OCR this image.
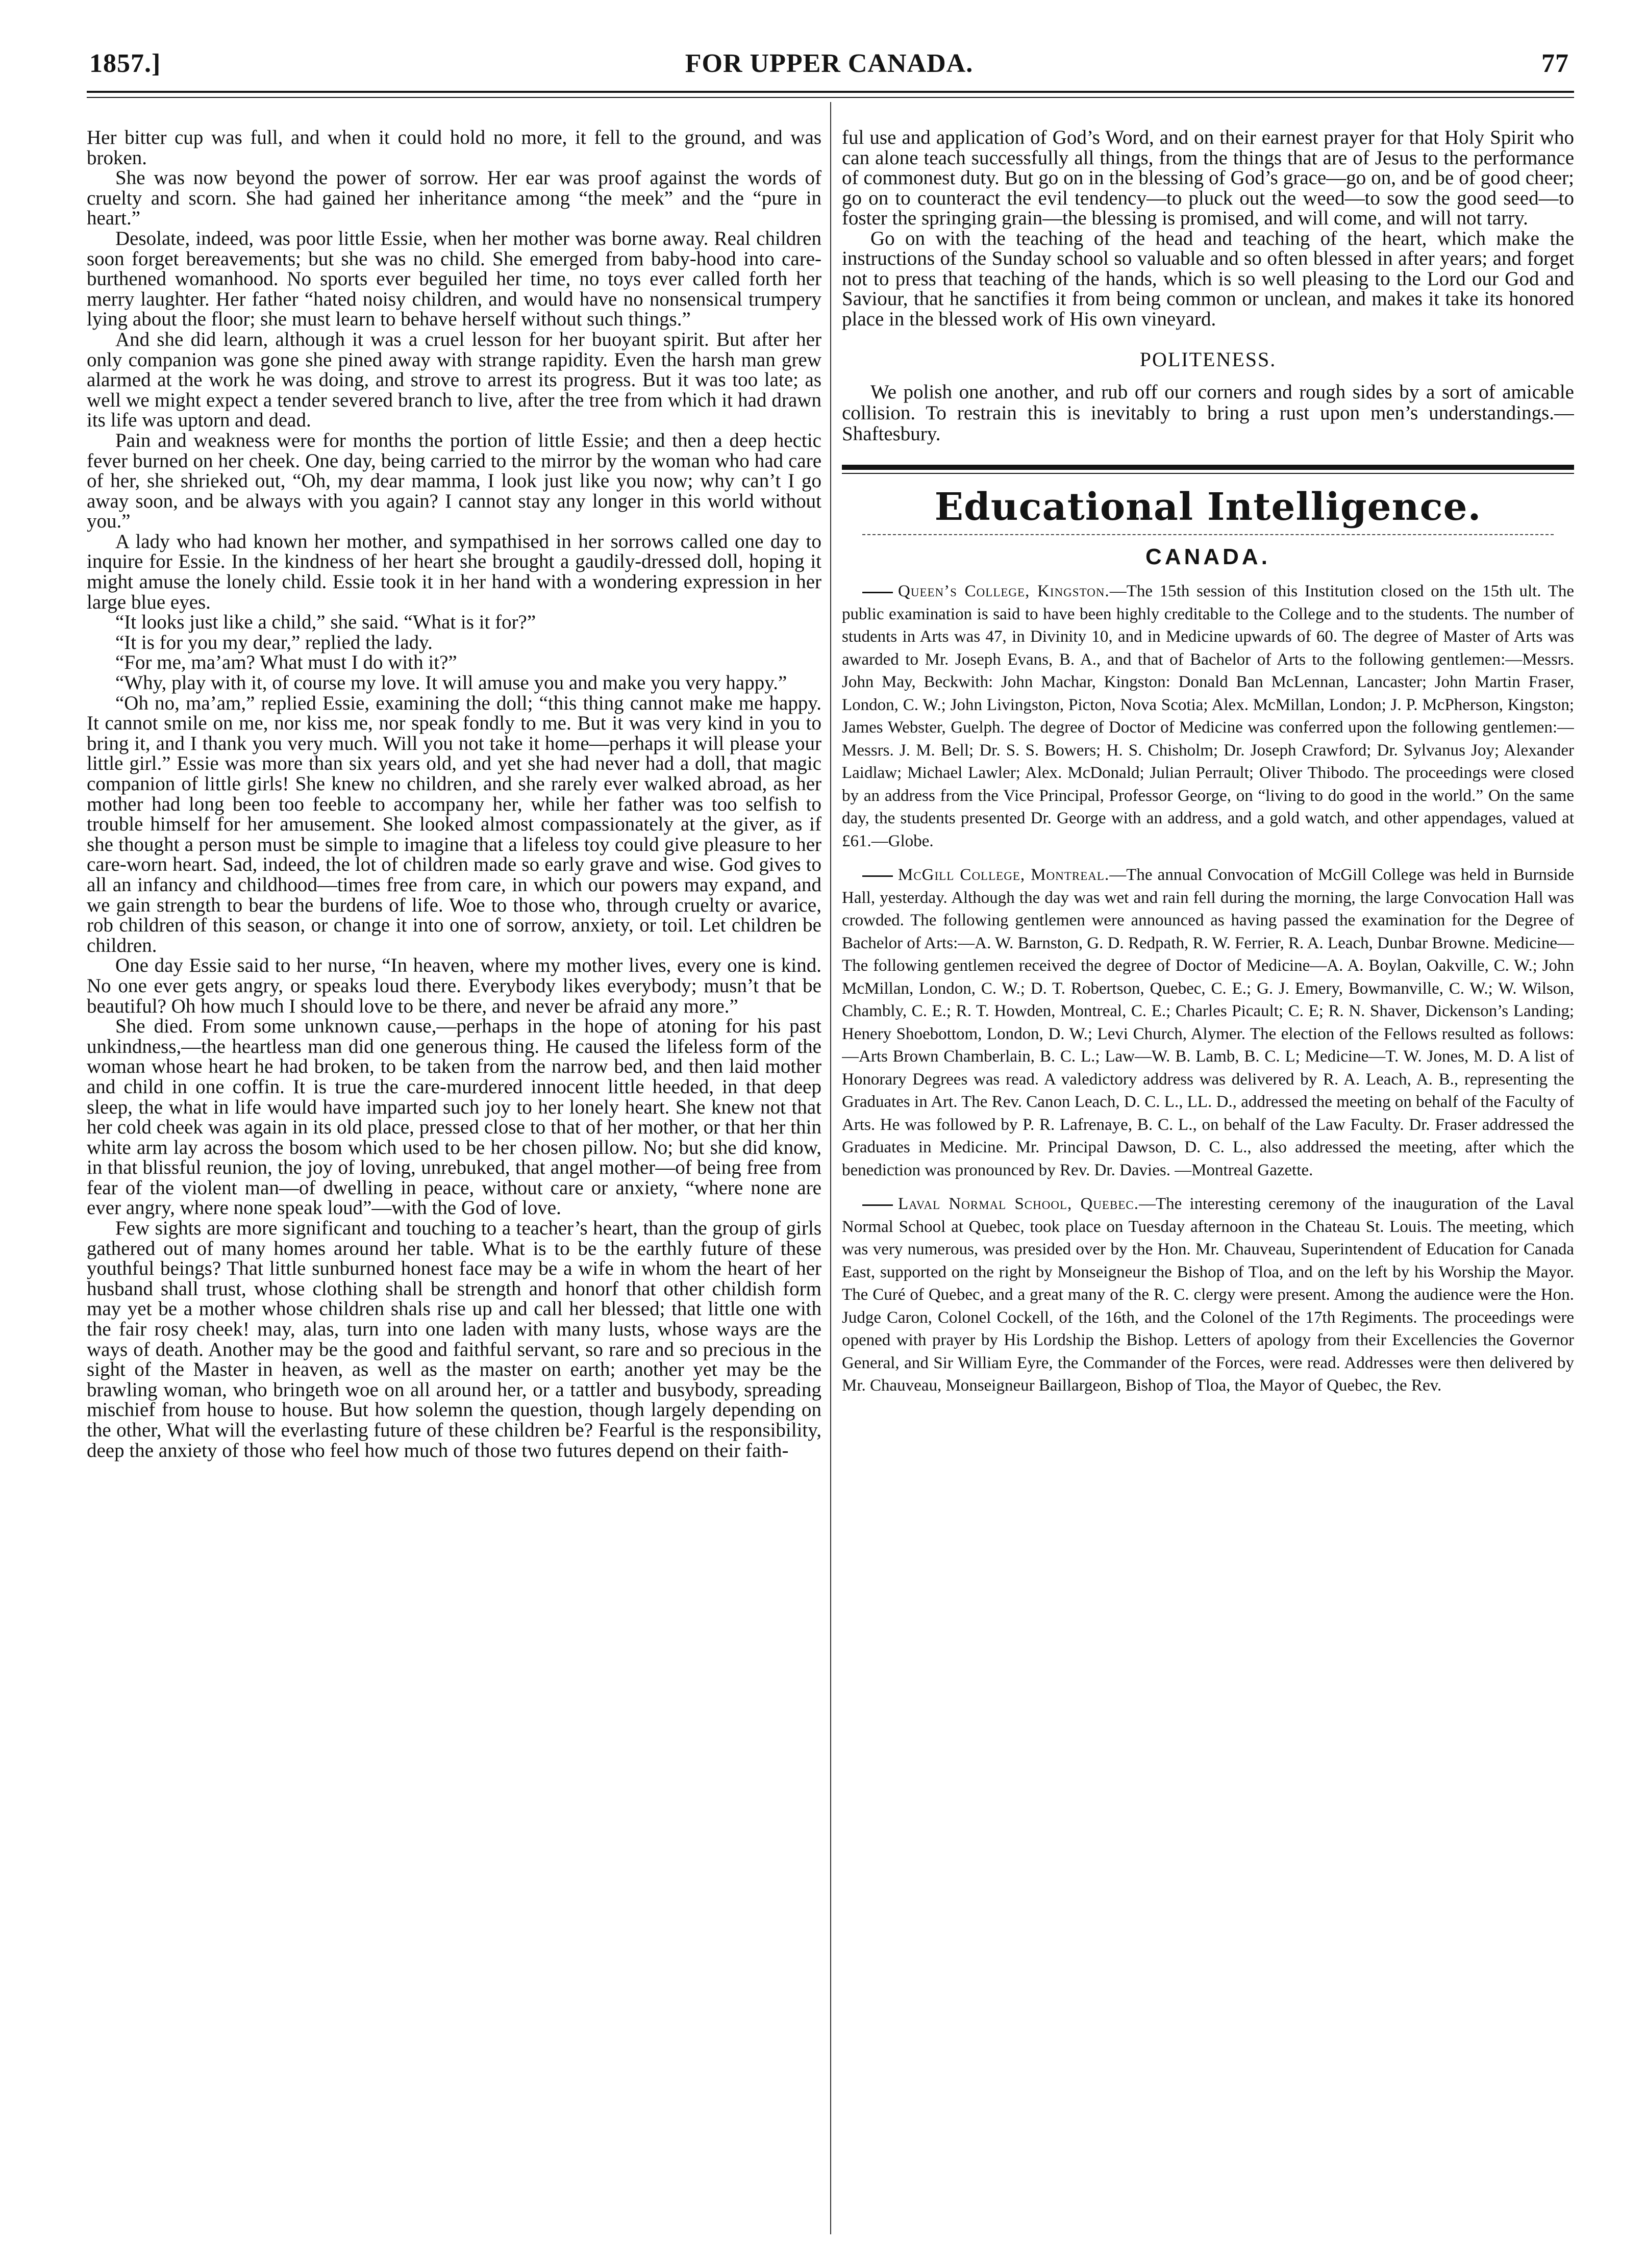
1857.]	FOR UPPER CANADA.	77

Her bitter cup was full, and when it could hold no more, it fell to the ground, and was broken.

She was now beyond the power of sorrow. Her ear was proof against the words of cruelty and scorn. She had gained her inheritance among “the meek” and the “pure in heart.”

Desolate, indeed, was poor little Essie, when her mother was borne away. Real children soon forget bereavements; but she was no child. She emerged from baby-hood into care-burthened womanhood. No sports ever beguiled her time, no toys ever called forth her merry laughter. Her father “hated noisy children, and would have no nonsensical trumpery lying about the floor; she must learn to behave herself without such things.”

And she did learn, although it was a cruel lesson for her buoyant spirit. But after her only companion was gone she pined away with strange rapidity. Even the harsh man grew alarmed at the work he was doing, and strove to arrest its progress. But it was too late; as well we might expect a tender severed branch to live, after the tree from which it had drawn its life was uptorn and dead.

Pain and weakness were for months the portion of little Essie; and then a deep hectic fever burned on her cheek. One day, being carried to the mirror by the woman who had care of her, she shrieked out, “Oh, my dear mamma, I look just like you now; why can’t I go away soon, and be always with you again? I cannot stay any longer in this world without you.”

A lady who had known her mother, and sympathised in her sorrows called one day to inquire for Essie. In the kindness of her heart she brought a gaudily-dressed doll, hoping it might amuse the lonely child. Essie took it in her hand with a wondering expression in her large blue eyes.

“It looks just like a child,” she said. “What is it for?”

“It is for you my dear,” replied the lady.

“For me, ma’am? What must I do with it?”

“Why, play with it, of course my love. It will amuse you and make you very happy.”

“Oh no, ma’am,” replied Essie, examining the doll; “this thing cannot make me happy. It cannot smile on me, nor kiss me, nor speak fondly to me. But it was very kind in you to bring it, and I thank you very much. Will you not take it home—perhaps it will please your little girl.” Essie was more than six years old, and yet she had never had a doll, that magic companion of little girls! She knew no children, and she rarely ever walked abroad, as her mother had long been too feeble to accompany her, while her father was too selfish to trouble himself for her amusement. She looked almost compassionately at the giver, as if she thought a person must be simple to imagine that a lifeless toy could give pleasure to her care-worn heart. Sad, indeed, the lot of children made so early grave and wise. God gives to all an infancy and childhood—times free from care, in which our powers may expand, and we gain strength to bear the burdens of life. Woe to those who, through cruelty or avarice, rob children of this season, or change it into one of sorrow, anxiety, or toil. Let children be children.

One day Essie said to her nurse, “In heaven, where my mother lives, every one is kind. No one ever gets angry, or speaks loud there. Everybody likes everybody; musn’t that be beautiful? Oh how much I should love to be there, and never be afraid any more.”

She died. From some unknown cause,—perhaps in the hope of atoning for his past unkindness,—the heartless man did one generous thing. He caused the lifeless form of the woman whose heart he had broken, to be taken from the narrow bed, and then laid mother and child in one coffin. It is true the care-murdered innocent little heeded, in that deep sleep, the what in life would have imparted such joy to her lonely heart. She knew not that her cold cheek was again in its old place, pressed close to that of her mother, or that her thin white arm lay across the bosom which used to be her chosen pillow. No; but she did know, in that blissful reunion, the joy of loving, unrebuked, that angel mother—of being free from fear of the violent man—of dwelling in peace, without care or anxiety, “where none are ever angry, where none speak loud”—with the God of love.

Few sights are more significant and touching to a teacher’s heart, than the group of girls gathered out of many homes around her table. What is to be the earthly future of these youthful beings? That little sunburned honest face may be a wife in whom the heart of her husband shall trust, whose clothing shall be strength and honorf that other childish form may yet be a mother whose children shals rise up and call her blessed; that little one with the fair rosy cheek! may, alas, turn into one laden with many lusts, whose ways are the ways of death. Another may be the good and faithful servant, so rare and so precious in the sight of the Master in heaven, as well as the master on earth; another yet may be the brawling woman, who bringeth woe on all around her, or a tattler and busybody, spreading mischief from house to house. But how solemn the question, though largely depending on the other, What will the everlasting future of these children be? Fearful is the responsibility, deep the anxiety of those who feel how much of those two futures depend on their faith-

ful use and application of God’s Word, and on their earnest prayer for that Holy Spirit who can alone teach successfully all things, from the things that are of Jesus to the performance of commonest duty. But go on in the blessing of God’s grace—go on, and be of good cheer; go on to counteract the evil tendency—to pluck out the weed—to sow the good seed—to foster the springing grain—the blessing is promised, and will come, and will not tarry.

Go on with the teaching of the head and teaching of the heart, which make the instructions of the Sunday school so valuable and so often blessed in after years; and forget not to press that teaching of the hands, which is so well pleasing to the Lord our God and Saviour, that he sanctifies it from being common or unclean, and makes it take its honored place in the blessed work of His own vineyard.

POLITENESS.

We polish one another, and rub off our corners and rough sides by a sort of amicable collision. To restrain this is inevitably to bring a rust upon men’s understandings.—Shaftesbury.

Educational Intelligence.
CANADA.

Queen’s College, Kingston.—The 15th session of this Institution closed on the 15th ult. The public examination is said to have been highly creditable to the College and to the students. The number of students in Arts was 47, in Divinity 10, and in Medicine upwards of 60. The degree of Master of Arts was awarded to Mr. Joseph Evans, B. A., and that of Bachelor of Arts to the following gentlemen:—Messrs. John May, Beckwith: John Machar, Kingston: Donald Ban McLennan, Lancaster; John Martin Fraser, London, C. W.; John Livingston, Picton, Nova Scotia; Alex. McMillan, London; J. P. McPherson, Kingston; James Webster, Guelph. The degree of Doctor of Medicine was conferred upon the following gentlemen:—Messrs. J. M. Bell; Dr. S. S. Bowers; H. S. Chisholm; Dr. Joseph Crawford; Dr. Sylvanus Joy; Alexander Laidlaw; Michael Lawler; Alex. McDonald; Julian Perrault; Oliver Thibodo. The proceedings were closed by an address from the Vice Principal, Professor George, on “living to do good in the world.” On the same day, the students presented Dr. George with an address, and a gold watch, and other appendages, valued at £61.—Globe.

McGill College, Montreal.—The annual Convocation of McGill College was held in Burnside Hall, yesterday. Although the day was wet and rain fell during the morning, the large Convocation Hall was crowded. The following gentlemen were announced as having passed the examination for the Degree of Bachelor of Arts:—A. W. Barnston, G. D. Redpath, R. W. Ferrier, R. A. Leach, Dunbar Browne. Medicine—The following gentlemen received the degree of Doctor of Medicine—A. A. Boylan, Oakville, C. W.; John McMillan, London, C. W.; D. T. Robertson, Quebec, C. E.; G. J. Emery, Bowmanville, C. W.; W. Wilson, Chambly, C. E.; R. T. Howden, Montreal, C. E.; Charles Picault; C. E; R. N. Shaver, Dickenson’s Landing; Henery Shoebottom, London, D. W.; Levi Church, Alymer. The election of the Fellows resulted as follows:—Arts Brown Chamberlain, B. C. L.; Law—W. B. Lamb, B. C. L; Medicine—T. W. Jones, M. D. A list of Honorary Degrees was read. A valedictory address was delivered by R. A. Leach, A. B., representing the Graduates in Art. The Rev. Canon Leach, D. C. L., LL. D., addressed the meeting on behalf of the Faculty of Arts. He was followed by P. R. Lafrenaye, B. C. L., on behalf of the Law Faculty. Dr. Fraser addressed the Graduates in Medicine. Mr. Principal Dawson, D. C. L., also addressed the meeting, after which the benediction was pronounced by Rev. Dr. Davies. —Montreal Gazette.

Laval Normal School, Quebec.—The interesting ceremony of the inauguration of the Laval Normal School at Quebec, took place on Tuesday afternoon in the Chateau St. Louis. The meeting, which was very numerous, was presided over by the Hon. Mr. Chauveau, Superintendent of Education for Canada East, supported on the right by Monseigneur the Bishop of Tloa, and on the left by his Worship the Mayor. The Curé of Quebec, and a great many of the R. C. clergy were present. Among the audience were the Hon. Judge Caron, Colonel Cockell, of the 16th, and the Colonel of the 17th Regiments. The proceedings were opened with prayer by His Lordship the Bishop. Letters of apology from their Excellencies the Governor General, and Sir William Eyre, the Commander of the Forces, were read. Addresses were then delivered by Mr. Chauveau, Monseigneur Baillargeon, Bishop of Tloa, the Mayor of Quebec, the Rev.
